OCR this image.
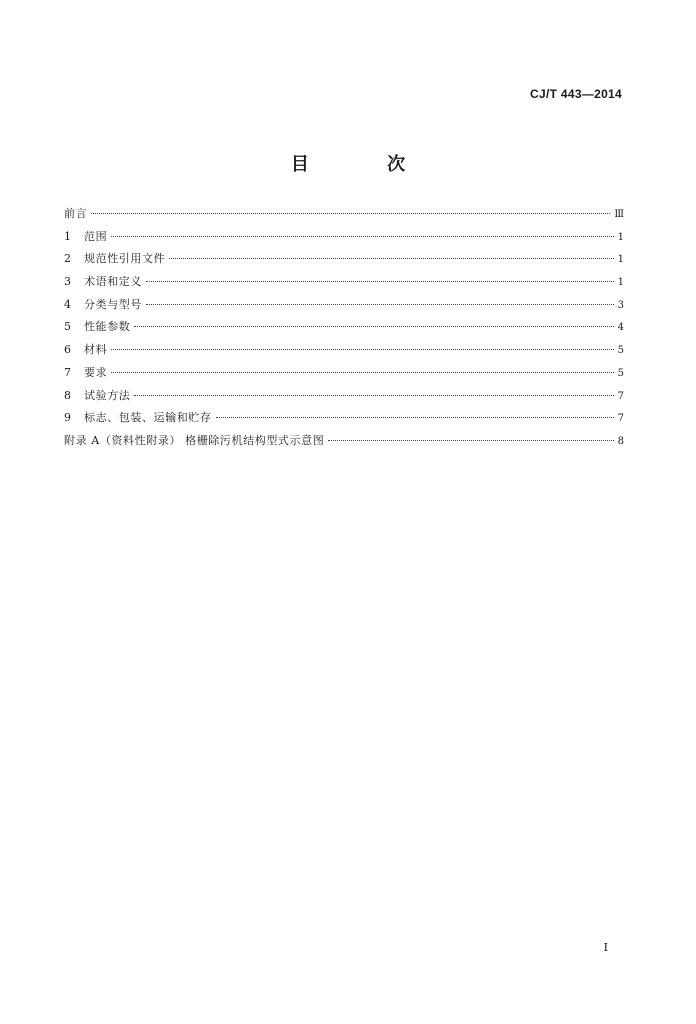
CJ/T 443—2014
目 次
前言	Ⅲ
1	范围	1
2	规范性引用文件	1
3	术语和定义	1
4	分类与型号	3
5	性能参数	4
6	材料	5
7	要求	5
8	试验方法	7
9	标志、包装、运输和贮存	7
附录 A（资料性附录） 格栅除污机结构型式示意图	8
I
